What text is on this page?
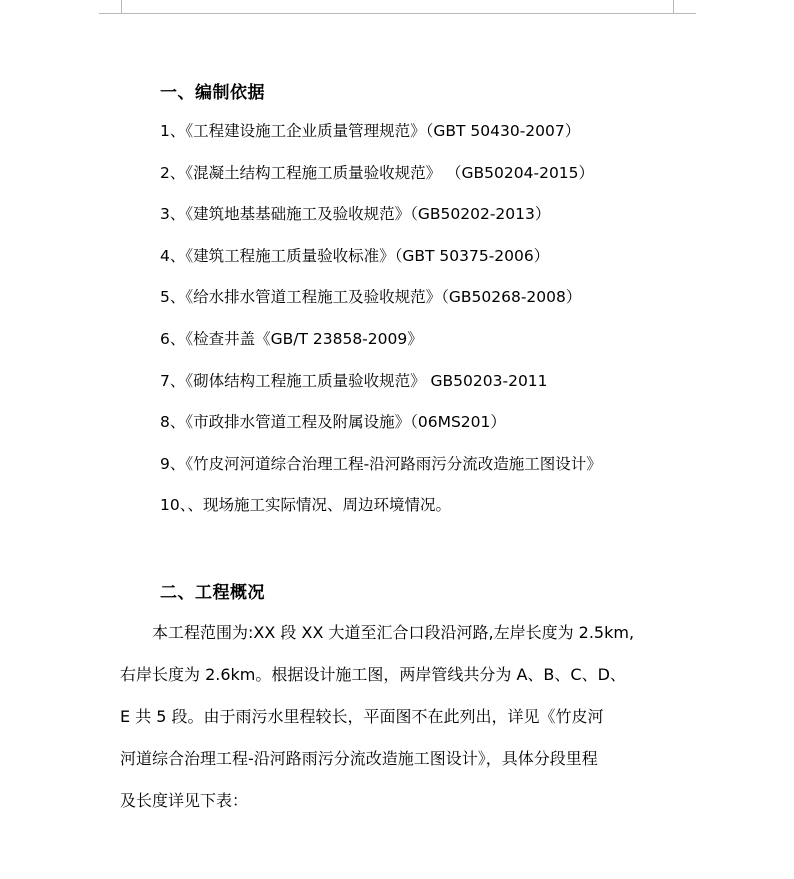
一、编制依据
1、《工程建设施工企业质量管理规范》（GBT 50430-2007）
2、《混凝土结构工程施工质量验收规范》 （GB50204-2015）
3、《建筑地基基础施工及验收规范》（GB50202-2013）
4、《建筑工程施工质量验收标准》（GBT 50375-2006）
5、《给水排水管道工程施工及验收规范》（GB50268-2008）
6、《检查井盖《GB/T 23858-2009》
7、《砌体结构工程施工质量验收规范》 GB50203-2011
8、《市政排水管道工程及附属设施》（06MS201）
9、《竹皮河河道综合治理工程-沿河路雨污分流改造施工图设计》
10、、现场施工实际情况、周边环境情况。
二、工程概况
　　本工程范围为:XX 段 XX 大道至汇合口段沿河路,左岸长度为 2.5km,
右岸长度为 2.6km。根据设计施工图，两岸管线共分为 A、B、C、D、
E 共 5 段。由于雨污水里程较长，平面图不在此列出，详见《竹皮河
河道综合治理工程-沿河路雨污分流改造施工图设计》，具体分段里程
及长度详见下表：
